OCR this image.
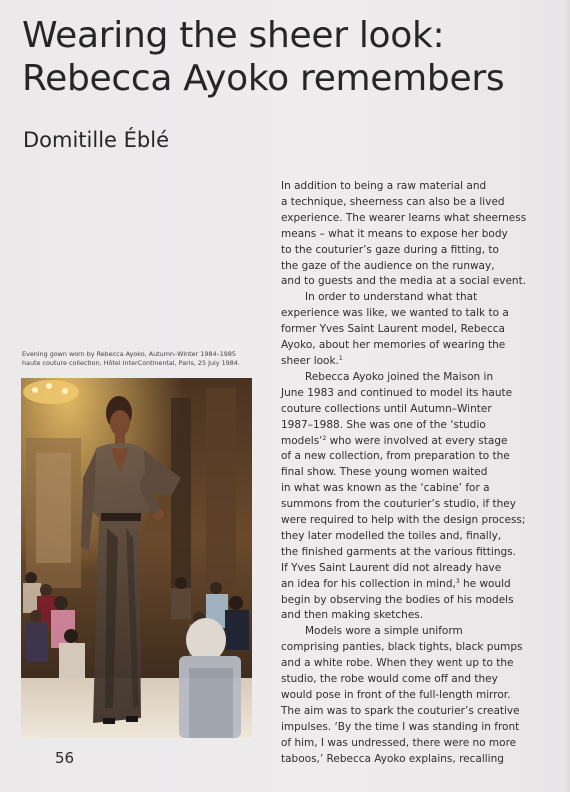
Wearing the sheer look:
Rebecca Ayoko remembers
Domitille Éblé
Evening gown worn by Rebecca Ayoko, Autumn–Winter 1984–1985
haute couture collection. Hôtel InterContinental, Paris, 25 July 1984.
In addition to being a raw material and
a technique, sheerness can also be a lived
experience. The wearer learns what sheerness
means – what it means to expose her body
to the couturier’s gaze during a fitting, to
the gaze of the audience on the runway,
and to guests and the media at a social event.
In order to understand what that
experience was like, we wanted to talk to a
former Yves Saint Laurent model, Rebecca
Ayoko, about her memories of wearing the
sheer look.$^1$
Rebecca Ayoko joined the Maison in
June 1983 and continued to model its haute
couture collections until Autumn–Winter
1987–1988. She was one of the ‘studio
models’$^2$ who were involved at every stage
of a new collection, from preparation to the
final show. These young women waited
in what was known as the ‘cabine’ for a
summons from the couturier’s studio, if they
were required to help with the design process;
they later modelled the toiles and, finally,
the finished garments at the various fittings.
If Yves Saint Laurent did not already have
an idea for his collection in mind,$^3$ he would
begin by observing the bodies of his models
and then making sketches.
Models wore a simple uniform
comprising panties, black tights, black pumps
and a white robe. When they went up to the
studio, the robe would come off and they
would pose in front of the full-length mirror.
The aim was to spark the couturier’s creative
impulses. ‘By the time I was standing in front
of him, I was undressed, there were no more
taboos,’ Rebecca Ayoko explains, recalling
56
